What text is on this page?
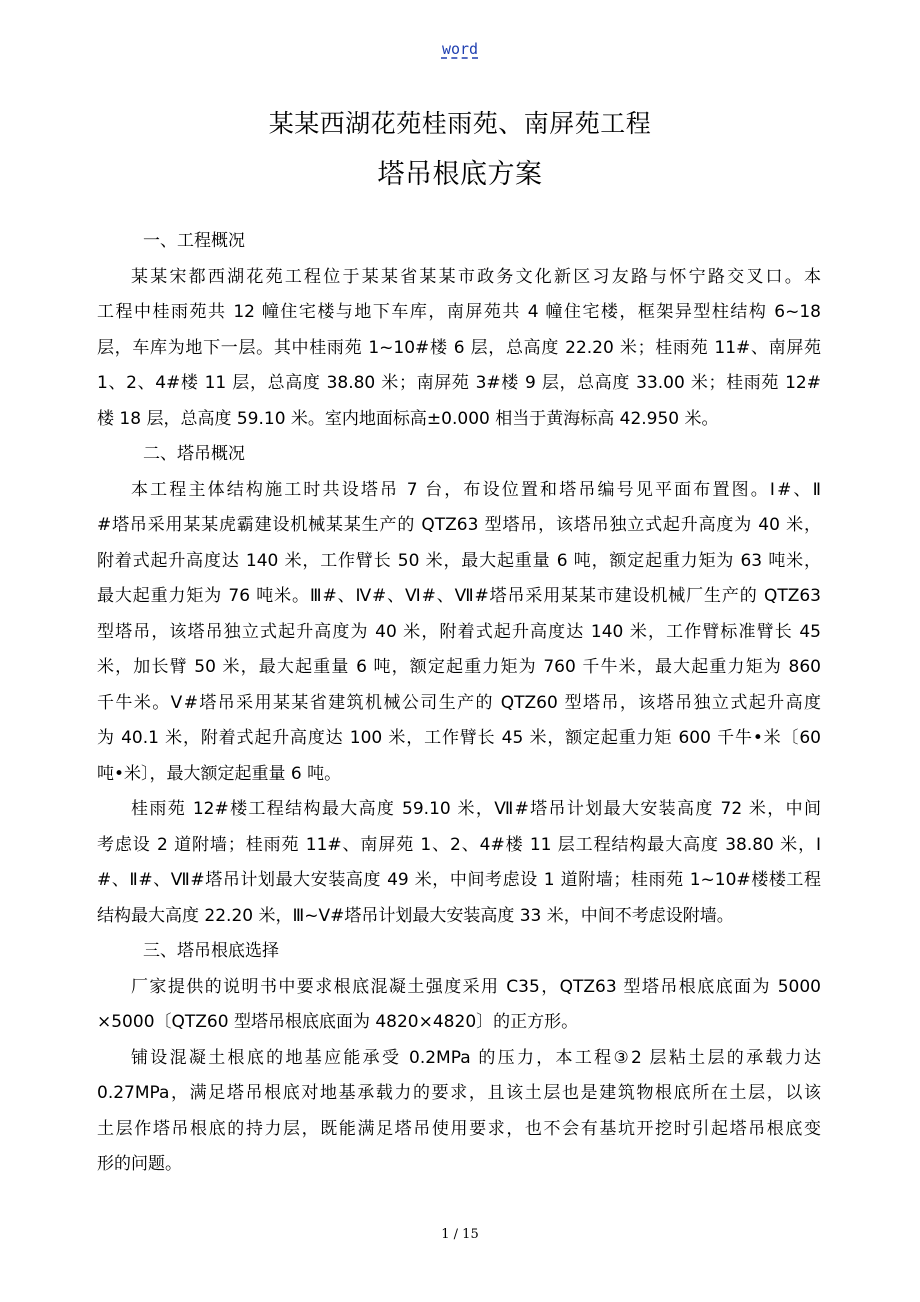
word
某某西湖花苑桂雨苑、南屏苑工程
塔吊根底方案

一、工程概况

某某宋都西湖花苑工程位于某某省某某市政务文化新区习友路与怀宁路交叉口。本
工程中桂雨苑共 12 幢住宅楼与地下车库，南屏苑共 4 幢住宅楼，框架异型柱结构 6~18
层，车库为地下一层。其中桂雨苑 1~10#楼 6 层，总高度 22.20 米；桂雨苑 11#、南屏苑
1、2、4#楼 11 层，总高度 38.80 米；南屏苑 3#楼 9 层，总高度 33.00 米；桂雨苑 12#
楼 18 层，总高度 59.10 米。室内地面标高±0.000 相当于黄海标高 42.950 米。

二、塔吊概况

本工程主体结构施工时共设塔吊 7 台，布设位置和塔吊编号见平面布置图。Ⅰ#、Ⅱ
#塔吊采用某某虎霸建设机械某某生产的 QTZ63 型塔吊，该塔吊独立式起升高度为 40 米，
附着式起升高度达 140 米，工作臂长 50 米，最大起重量 6 吨，额定起重力矩为 63 吨米，
最大起重力矩为 76 吨米。Ⅲ#、Ⅳ#、Ⅵ#、Ⅶ#塔吊采用某某市建设机械厂生产的 QTZ63
型塔吊，该塔吊独立式起升高度为 40 米，附着式起升高度达 140 米，工作臂标准臂长 45
米，加长臂 50 米，最大起重量 6 吨，额定起重力矩为 760 千牛米，最大起重力矩为 860
千牛米。Ⅴ#塔吊采用某某省建筑机械公司生产的 QTZ60 型塔吊，该塔吊独立式起升高度
为 40.1 米，附着式起升高度达 100 米，工作臂长 45 米，额定起重力矩 600 千牛•米〔60
吨•米〕，最大额定起重量 6 吨。

桂雨苑 12#楼工程结构最大高度 59.10 米，Ⅶ#塔吊计划最大安装高度 72 米，中间
考虑设 2 道附墙；桂雨苑 11#、南屏苑 1、2、4#楼 11 层工程结构最大高度 38.80 米，Ⅰ
#、Ⅱ#、Ⅶ#塔吊计划最大安装高度 49 米，中间考虑设 1 道附墙；桂雨苑 1~10#楼楼工程
结构最大高度 22.20 米，Ⅲ~Ⅴ#塔吊计划最大安装高度 33 米，中间不考虑设附墙。

三、塔吊根底选择

厂家提供的说明书中要求根底混凝土强度采用 C35，QTZ63 型塔吊根底底面为 5000
×5000〔QTZ60 型塔吊根底底面为 4820×4820〕的正方形。

铺设混凝土根底的地基应能承受 0.2MPa 的压力，本工程③2 层粘土层的承载力达
0.27MPa，满足塔吊根底对地基承载力的要求，且该土层也是建筑物根底所在土层，以该
土层作塔吊根底的持力层，既能满足塔吊使用要求，也不会有基坑开挖时引起塔吊根底变
形的问题。

1 / 15
